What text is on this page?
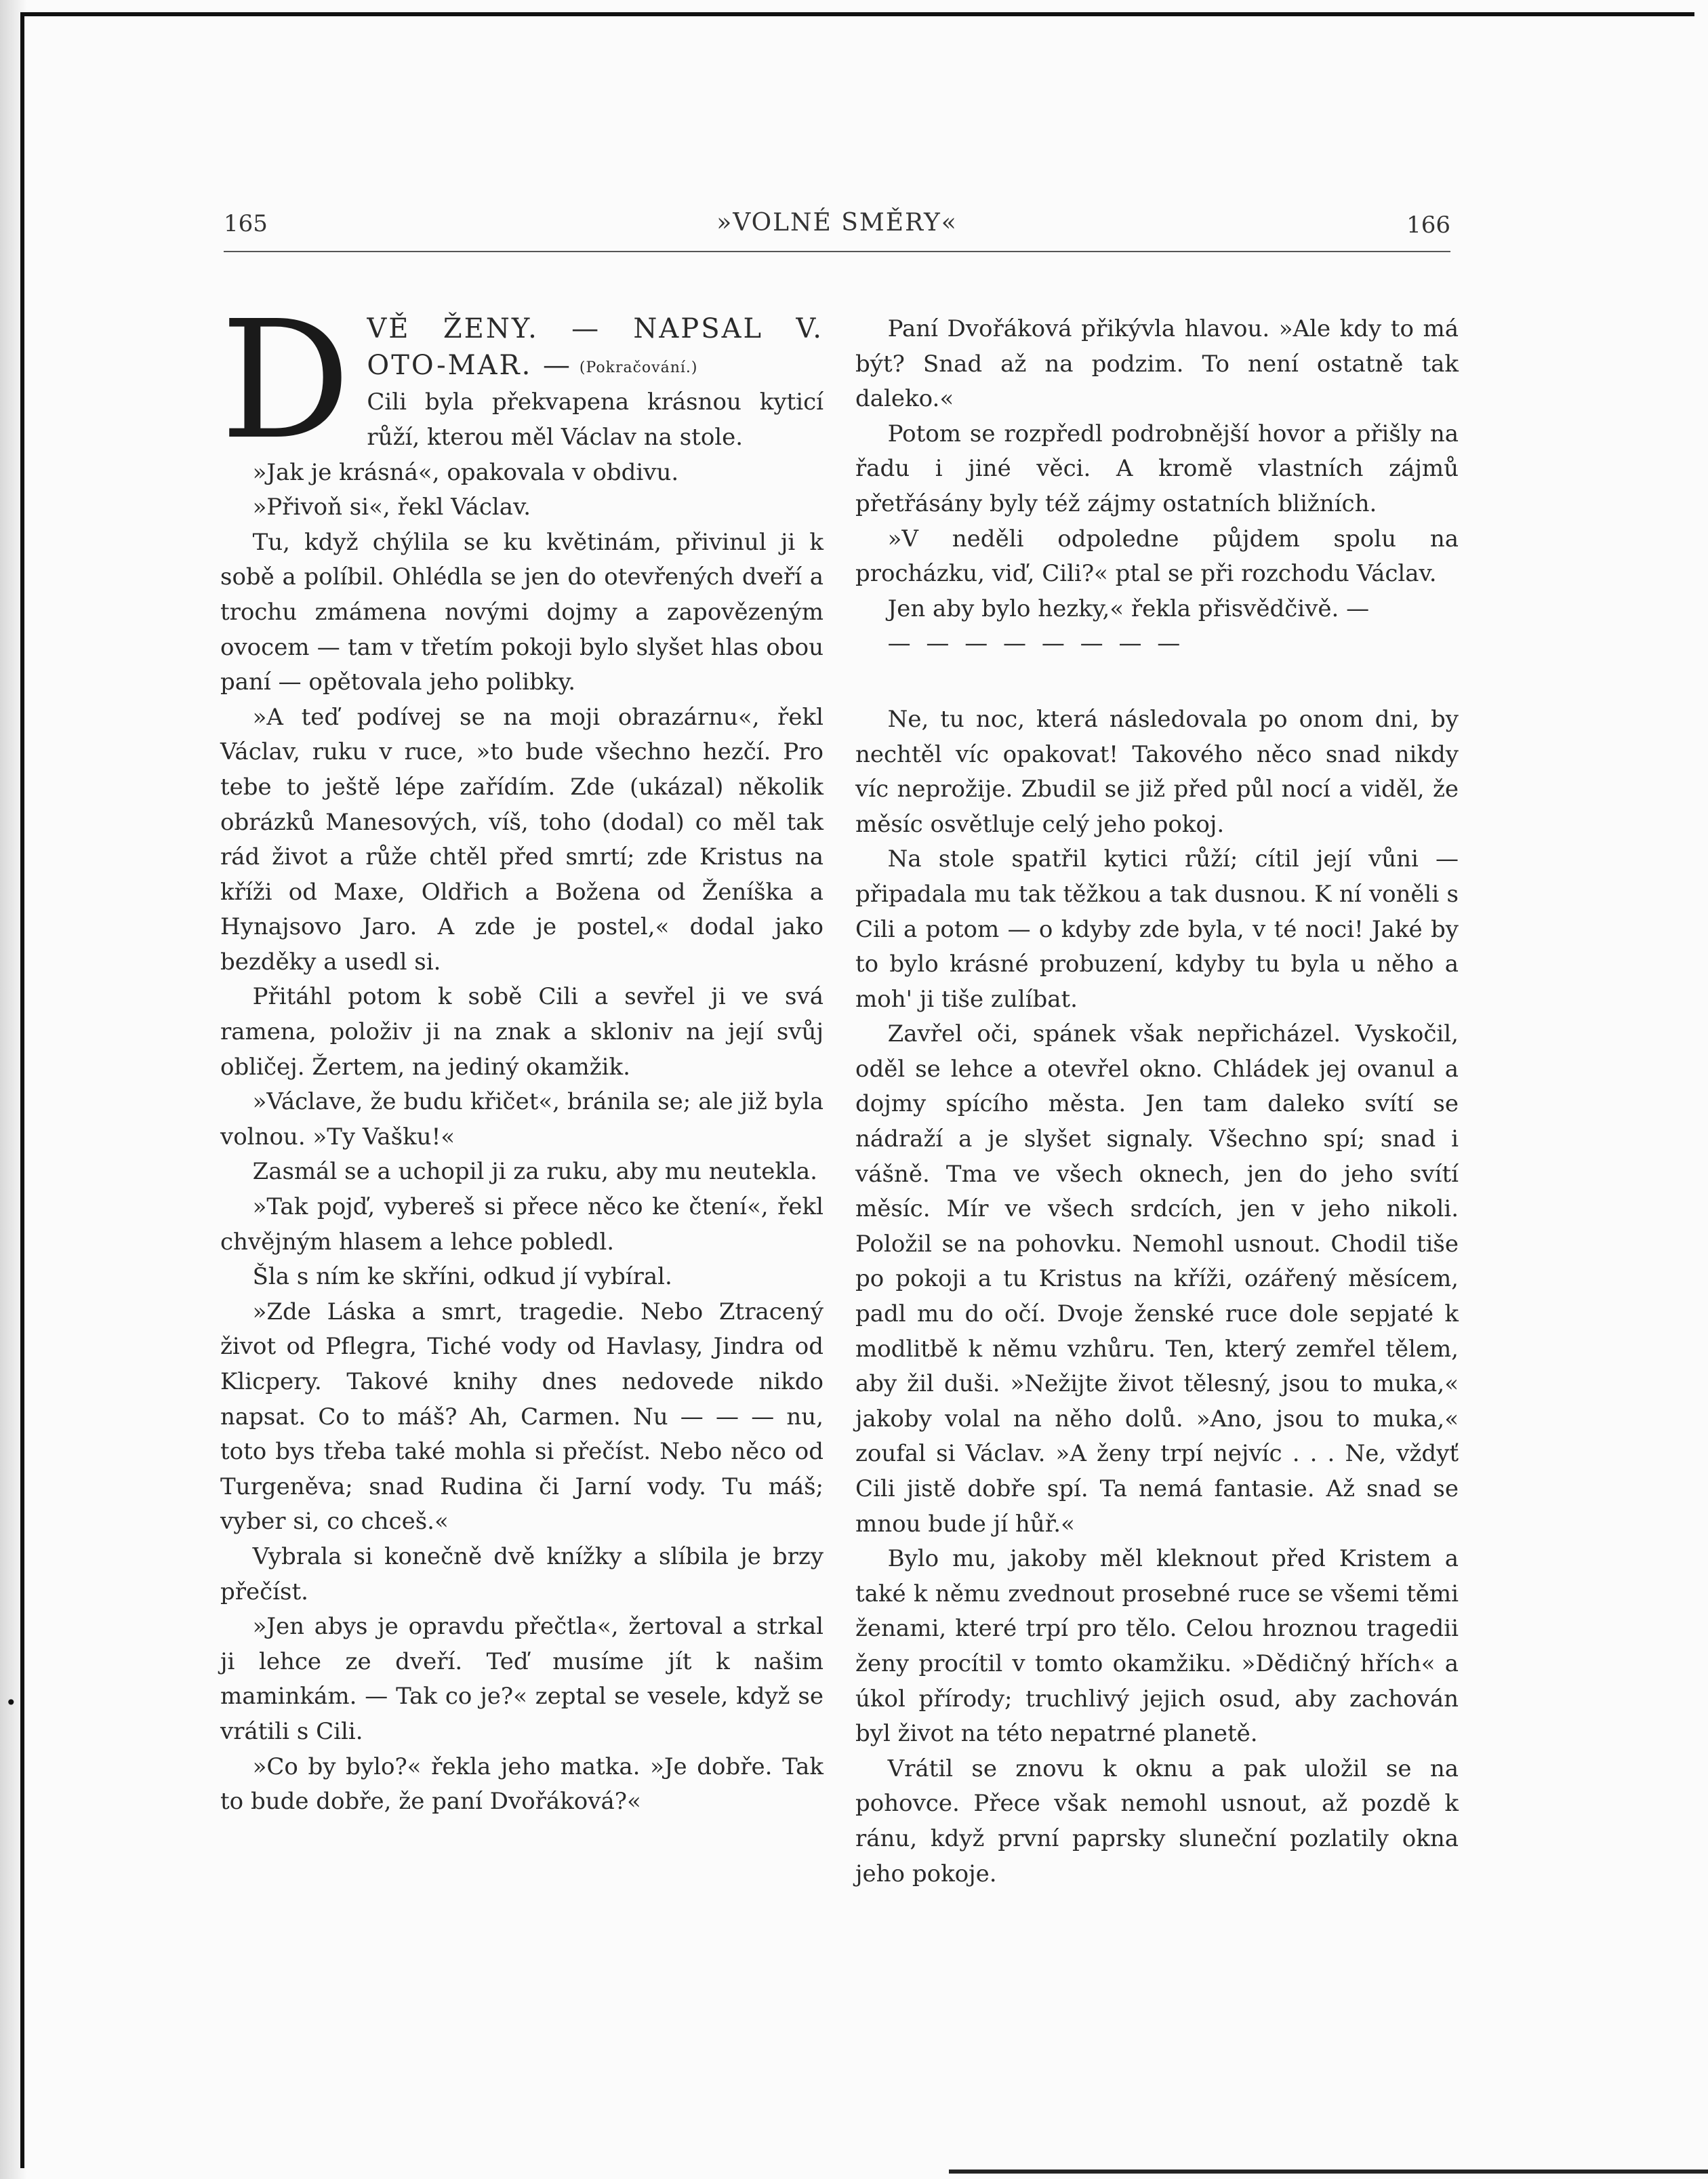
•
165	»VOLNÉ SMĚRY«	166

D VĚ ŽENY. — NAPSAL V. OTO-MAR. — (Pokračování.)

Cili byla překvapena krásnou kyticí růží, kterou měl Václav na stole.

»Jak je krásná«, opakovala v obdivu.

»Přivoň si«, řekl Václav.

Tu, když chýlila se ku květinám, přivinul ji k sobě a políbil. Ohlédla se jen do otevřených dveří a trochu zmámena novými dojmy a zapovězeným ovocem — tam v třetím pokoji bylo slyšet hlas obou paní — opětovala jeho polibky.

»A teď podívej se na moji obrazárnu«, řekl Václav, ruku v ruce, »to bude všechno hezčí. Pro tebe to ještě lépe zařídím. Zde (ukázal) několik obrázků Manesových, víš, toho (dodal) co měl tak rád život a růže chtěl před smrtí; zde Kristus na kříži od Maxe, Oldřich a Božena od Ženíška a Hynajsovo Jaro. A zde je postel,« dodal jako bezděky a usedl si.

Přitáhl potom k sobě Cili a sevřel ji ve svá ramena, položiv ji na znak a skloniv na její svůj obličej. Žertem, na jediný okamžik.

»Václave, že budu křičet«, bránila se; ale již byla volnou. »Ty Vašku!«

Zasmál se a uchopil ji za ruku, aby mu neutekla.

»Tak pojď, vybereš si přece něco ke čtení«, řekl chvějným hlasem a lehce pobledl.

Šla s ním ke skříni, odkud jí vybíral.

»Zde Láska a smrt, tragedie. Nebo Ztracený život od Pflegra, Tiché vody od Havlasy, Jindra od Klicpery. Takové knihy dnes nedovede nikdo napsat. Co to máš? Ah, Carmen. Nu — — — nu, toto bys třeba také mohla si přečíst. Nebo něco od Turgeněva; snad Rudina či Jarní vody. Tu máš; vyber si, co chceš.«

Vybrala si konečně dvě knížky a slíbila je brzy přečíst.

»Jen abys je opravdu přečtla«, žertoval a strkal ji lehce ze dveří. Teď musíme jít k našim maminkám. — Tak co je?« zeptal se vesele, když se vrátili s Cili.

»Co by bylo?« řekla jeho matka. »Je dobře. Tak to bude dobře, že paní Dvořáková?«

Paní Dvořáková přikývla hlavou. »Ale kdy to má být? Snad až na podzim. To není ostatně tak daleko.«

Potom se rozpředl podrobnější hovor a přišly na řadu i jiné věci. A kromě vlastních zájmů přetřásány byly též zájmy ostatních bližních.

»V neděli odpoledne půjdem spolu na procházku, viď, Cili?« ptal se při rozchodu Václav.

Jen aby bylo hezky,« řekla přisvědčivě. —

— — — — — — — —

Ne, tu noc, která následovala po onom dni, by nechtěl víc opakovat! Takového něco snad nikdy víc neprožije. Zbudil se již před půl nocí a viděl, že měsíc osvětluje celý jeho pokoj.

Na stole spatřil kytici růží; cítil její vůni — připadala mu tak těžkou a tak dusnou. K ní voněli s Cili a potom — o kdyby zde byla, v té noci! Jaké by to bylo krásné probuzení, kdyby tu byla u něho a moh' ji tiše zulíbat.

Zavřel oči, spánek však nepřicházel. Vyskočil, oděl se lehce a otevřel okno. Chládek jej ovanul a dojmy spícího města. Jen tam daleko svítí se nádraží a je slyšet signaly. Všechno spí; snad i vášně. Tma ve všech oknech, jen do jeho svítí měsíc. Mír ve všech srdcích, jen v jeho nikoli. Položil se na pohovku. Nemohl usnout. Chodil tiše po pokoji a tu Kristus na kříži, ozářený měsícem, padl mu do očí. Dvoje ženské ruce dole sepjaté k modlitbě k němu vzhůru. Ten, který zemřel tělem, aby žil duši. »Nežijte život tělesný, jsou to muka,« jakoby volal na něho dolů. »Ano, jsou to muka,« zoufal si Václav. »A ženy trpí nejvíc . . . Ne, vždyť Cili jistě dobře spí. Ta nemá fantasie. Až snad se mnou bude jí hůř.«

Bylo mu, jakoby měl kleknout před Kristem a také k němu zvednout prosebné ruce se všemi těmi ženami, které trpí pro tělo. Celou hroznou tragedii ženy procítil v tomto okamžiku. »Dědičný hřích« a úkol přírody; truchlivý jejich osud, aby zachován byl život na této nepatrné planetě.

Vrátil se znovu k oknu a pak uložil se na pohovce. Přece však nemohl usnout, až pozdě k ránu, když první paprsky sluneční pozlatily okna jeho pokoje.
